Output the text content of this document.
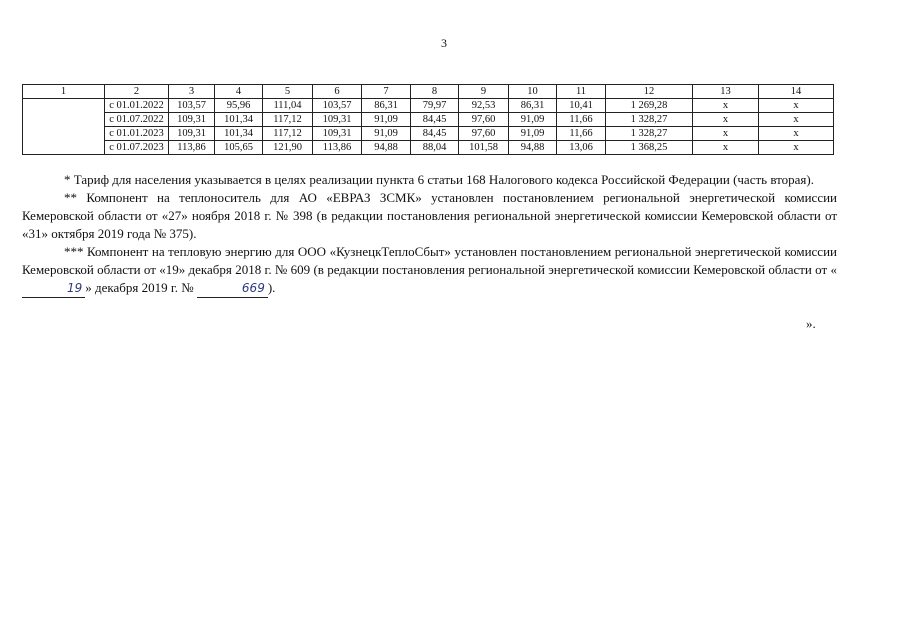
3
1	2	3	4	5	6	7	8	9	10	11	12	13	14
	с 01.01.2022	103,57	95,96	111,04	103,57	86,31	79,97	92,53	86,31	10,41	1 269,28	х	х
	с 01.07.2022	109,31	101,34	117,12	109,31	91,09	84,45	97,60	91,09	11,66	1 328,27	х	х
	с 01.01.2023	109,31	101,34	117,12	109,31	91,09	84,45	97,60	91,09	11,66	1 328,27	х	х
	с 01.07.2023	113,86	105,65	121,90	113,86	94,88	88,04	101,58	94,88	13,06	1 368,25	х	х

* Тариф для населения указывается в целях реализации пункта 6 статьи 168 Налогового кодекса Российской Федерации (часть вторая).

** Компонент на теплоноситель для АО «ЕВРАЗ ЗСМК» установлен постановлением региональной энергетической комиссии Кемеровской области от «27» ноября 2018 г. № 398 (в редакции постановления региональной энергетической комиссии Кемеровской области от «31» октября 2019 года № 375).

*** Компонент на тепловую энергию для ООО «КузнецкТеплоСбыт» установлен постановлением региональной энергетической комиссии Кемеровской области от «19» декабря 2018 г. № 609 (в редакции постановления региональной энергетической комиссии Кемеровской области от «19 » декабря 2019 г. №	669 ).

».
